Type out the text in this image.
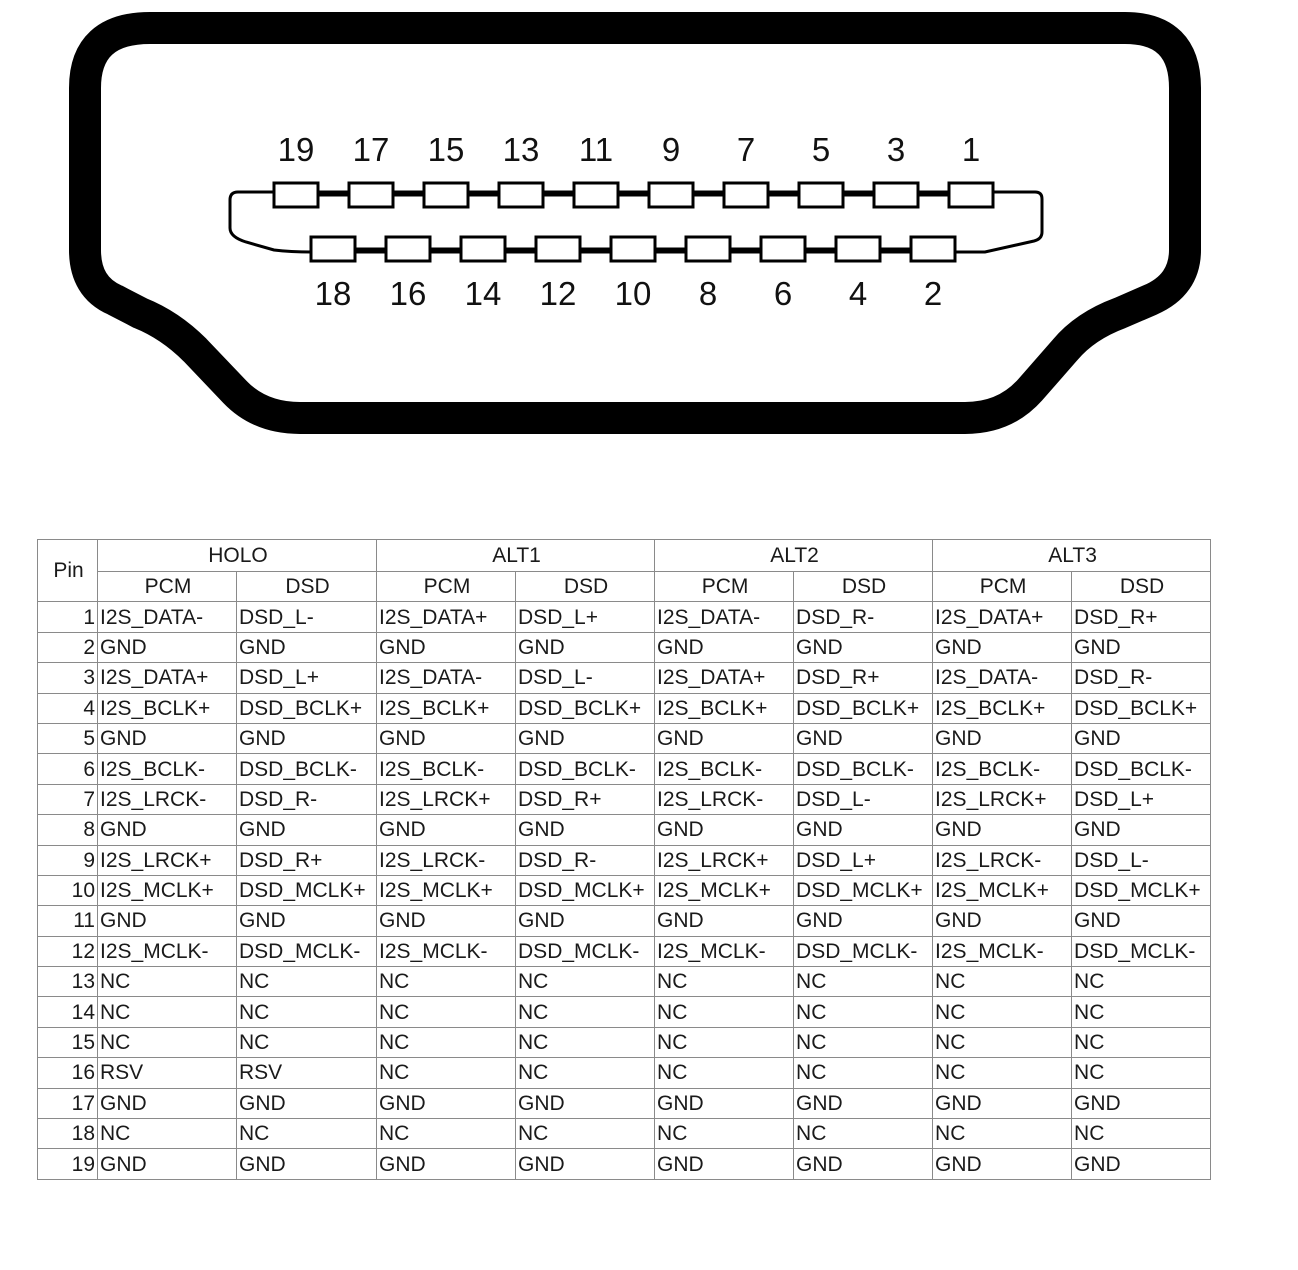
19 17 15 13 11 9 7 5 3 1
18 16 14 12 10 8 6 4 2
Pin	HOLO		ALT1		ALT2		ALT3	
	PCM	DSD	PCM	DSD	PCM	DSD	PCM	DSD
1	I2S_DATA-	DSD_L-	I2S_DATA+	DSD_L+	I2S_DATA-	DSD_R-	I2S_DATA+	DSD_R+
2	GND	GND	GND	GND	GND	GND	GND	GND
3	I2S_DATA+	DSD_L+	I2S_DATA-	DSD_L-	I2S_DATA+	DSD_R+	I2S_DATA-	DSD_R-
4	I2S_BCLK+	DSD_BCLK+	I2S_BCLK+	DSD_BCLK+	I2S_BCLK+	DSD_BCLK+	I2S_BCLK+	DSD_BCLK+
5	GND	GND	GND	GND	GND	GND	GND	GND
6	I2S_BCLK-	DSD_BCLK-	I2S_BCLK-	DSD_BCLK-	I2S_BCLK-	DSD_BCLK-	I2S_BCLK-	DSD_BCLK-
7	I2S_LRCK-	DSD_R-	I2S_LRCK+	DSD_R+	I2S_LRCK-	DSD_L-	I2S_LRCK+	DSD_L+
8	GND	GND	GND	GND	GND	GND	GND	GND
9	I2S_LRCK+	DSD_R+	I2S_LRCK-	DSD_R-	I2S_LRCK+	DSD_L+	I2S_LRCK-	DSD_L-
10	I2S_MCLK+	DSD_MCLK+	I2S_MCLK+	DSD_MCLK+	I2S_MCLK+	DSD_MCLK+	I2S_MCLK+	DSD_MCLK+
11	GND	GND	GND	GND	GND	GND	GND	GND
12	I2S_MCLK-	DSD_MCLK-	I2S_MCLK-	DSD_MCLK-	I2S_MCLK-	DSD_MCLK-	I2S_MCLK-	DSD_MCLK-
13	NC	NC	NC	NC	NC	NC	NC	NC
14	NC	NC	NC	NC	NC	NC	NC	NC
15	NC	NC	NC	NC	NC	NC	NC	NC
16	RSV	RSV	NC	NC	NC	NC	NC	NC
17	GND	GND	GND	GND	GND	GND	GND	GND
18	NC	NC	NC	NC	NC	NC	NC	NC
19	GND	GND	GND	GND	GND	GND	GND	GND
